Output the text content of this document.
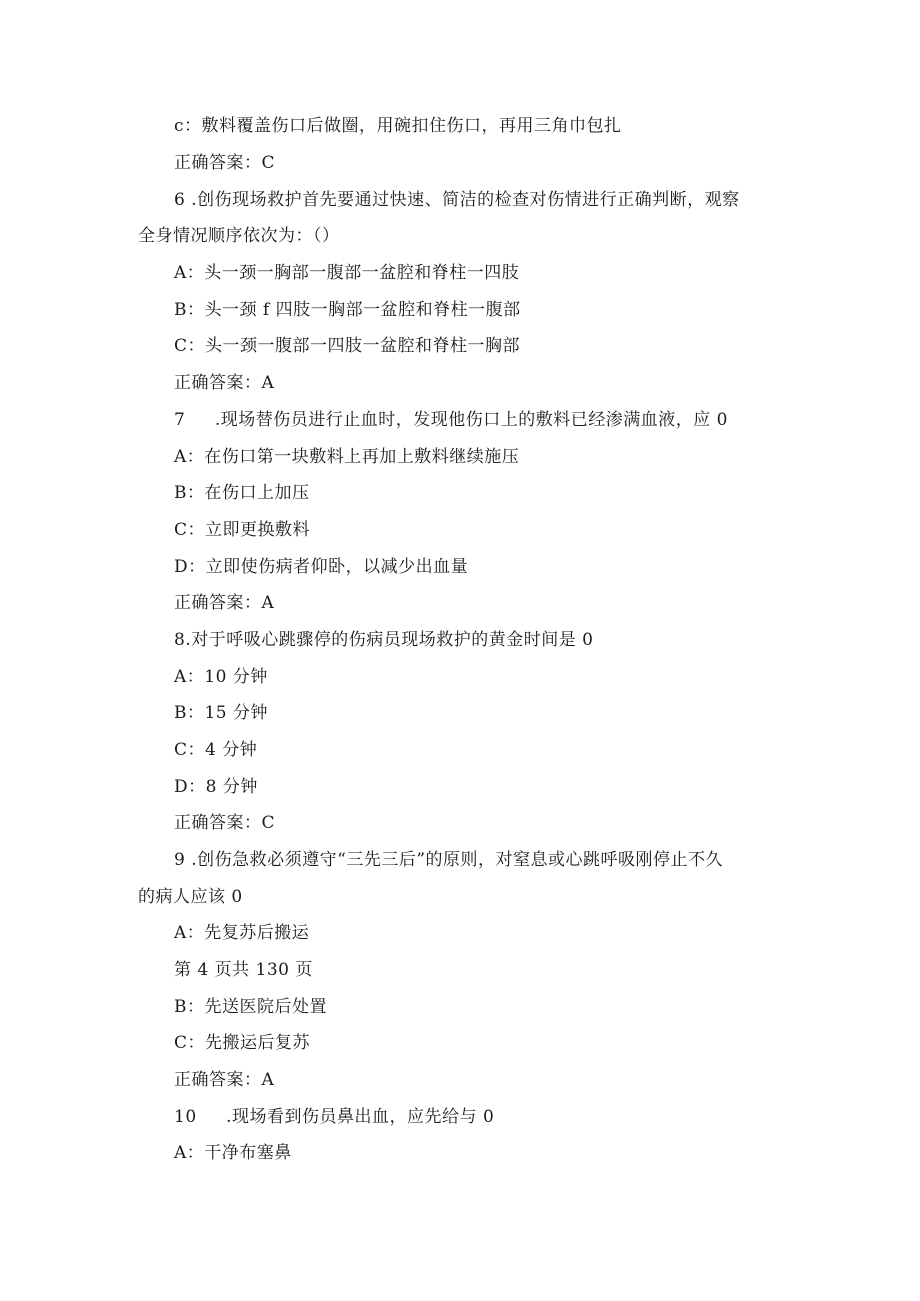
c：敷料覆盖伤口后做圈，用碗扣住伤口，再用三角巾包扎
正确答案：C
6 .创伤现场救护首先要通过快速、简洁的检查对伤情进行正确判断，观察
全身情况顺序依次为：（）
A：头一颈一胸部一腹部一盆腔和脊柱一四肢
B：头一颈 f 四肢一胸部一盆腔和脊柱一腹部
C：头一颈一腹部一四肢一盆腔和脊柱一胸部
正确答案：A
7     .现场替伤员进行止血时，发现他伤口上的敷料已经渗满血液，应 0
A：在伤口第一块敷料上再加上敷料继续施压
B：在伤口上加压
C：立即更换敷料
D：立即使伤病者仰卧，以减少出血量
正确答案：A
8.对于呼吸心跳骤停的伤病员现场救护的黄金时间是 0
A：10 分钟
B：15 分钟
C：4 分钟
D：8 分钟
正确答案：C
9 .创伤急救必须遵守“三先三后”的原则，对窒息或心跳呼吸刚停止不久
的病人应该 0
A：先复苏后搬运
第 4 页共 130 页
B：先送医院后处置
C：先搬运后复苏
正确答案：A
10     .现场看到伤员鼻出血，应先给与 0
A：干净布塞鼻
